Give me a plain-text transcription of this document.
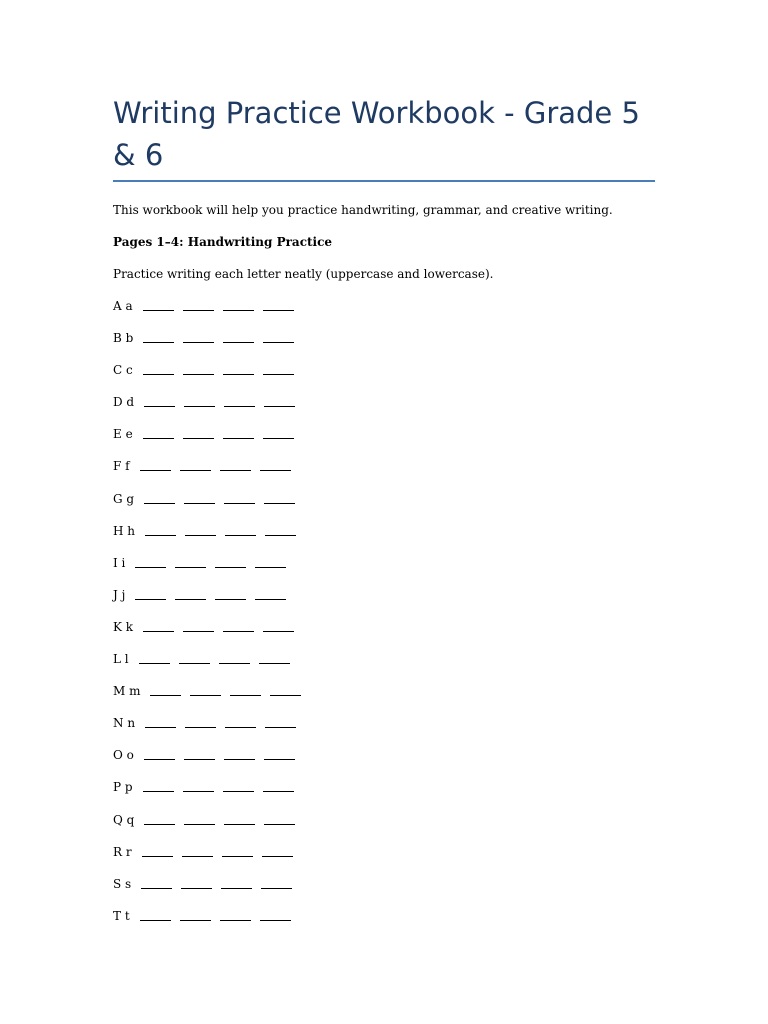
Writing Practice Workbook - Grade 5 & 6
This workbook will help you practice handwriting, grammar, and creative writing.
Pages 1–4: Handwriting Practice
Practice writing each letter neatly (uppercase and lowercase).
A a
B b
C c
D d
E e
F f
G g
H h
I i
J j
K k
L l
M m
N n
O o
P p
Q q
R r
S s
T t
